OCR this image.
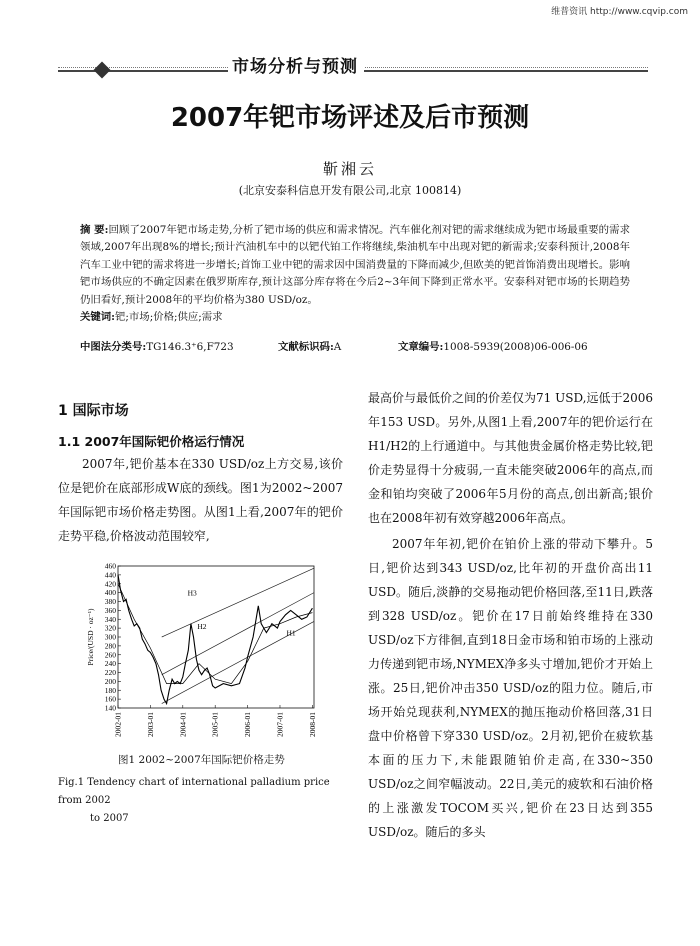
维普资讯 http://www.cqvip.com
市场分析与预测
2007年钯市场评述及后市预测
靳湘云
(北京安泰科信息开发有限公司,北京 100814)
摘 要:回顾了2007年钯市场走势,分析了钯市场的供应和需求情况。汽车催化剂对钯的需求继续成为钯市场最重要的需求领域,2007年出现8%的增长;预计汽油机车中的以钯代铂工作将继续,柴油机车中出现对钯的新需求;安泰科预计,2008年汽车工业中钯的需求将进一步增长;首饰工业中钯的需求因中国消费量的下降而减少,但欧美的钯首饰消费出现增长。影响钯市场供应的不确定因素在俄罗斯库存,预计这部分库存将在今后2~3年间下降到正常水平。安泰科对钯市场的长期趋势仍旧看好,预计2008年的平均价格为380 USD/oz。
关键词:钯;市场;价格;供应;需求
中图法分类号:TG146.3⁺6,F723	文献标识码:A	文章编号:1008-5939(2008)06-006-06
1 国际市场
1.1 2007年国际钯价格运行情况
2007年,钯价基本在330 USD/oz上方交易,该价位是钯价在底部形成W底的颈线。图1为2002~2007年国际钯市场价格走势图。从图1上看,2007年的钯价走势平稳,价格波动范围较窄,
最高价与最低价之间的价差仅为71 USD,远低于2006年153 USD。另外,从图1上看,2007年的钯价运行在H1/H2的上行通道中。与其他贵金属价格走势比较,钯价走势显得十分疲弱,一直未能突破2006年的高点,而金和铂均突破了2006年5月份的高点,创出新高;银价也在2008年初有效穿越2006年高点。
2007年年初,钯价在铂价上涨的带动下攀升。5日,钯价达到343 USD/oz,比年初的开盘价高出11 USD。随后,淡静的交易拖动钯价格回落,至11日,跌落到328 USD/oz。钯价在17日前始终维持在330 USD/oz下方徘徊,直到18日金市场和铂市场的上涨动力传递到钯市场,NYMEX净多头寸增加,钯价才开始上涨。25日,钯价冲击350 USD/oz的阻力位。随后,市场开始兑现获利,NYMEX的抛压拖动价格回落,31日盘中价格曾下穿330 USD/oz。2月初,钯价在疲软基本面的压力下,未能跟随铂价走高,在330~350 USD/oz之间窄幅波动。22日,美元的疲软和石油价格的上涨激发TOCOM买兴,钯价在23日达到355 USD/oz。随后的多头
140
160
180
200
220
240
260
280
300
320
340
360
380
400
420
440
460
2002-01	2003-01	2004-01	2005-01	2006-01	2007-01	2008-01
Price/(USD · oz⁻¹)
H3
H2
H1
图1 2002~2007年国际钯价格走势
Fig.1 Tendency chart of international palladium price from 2002
to 2007
